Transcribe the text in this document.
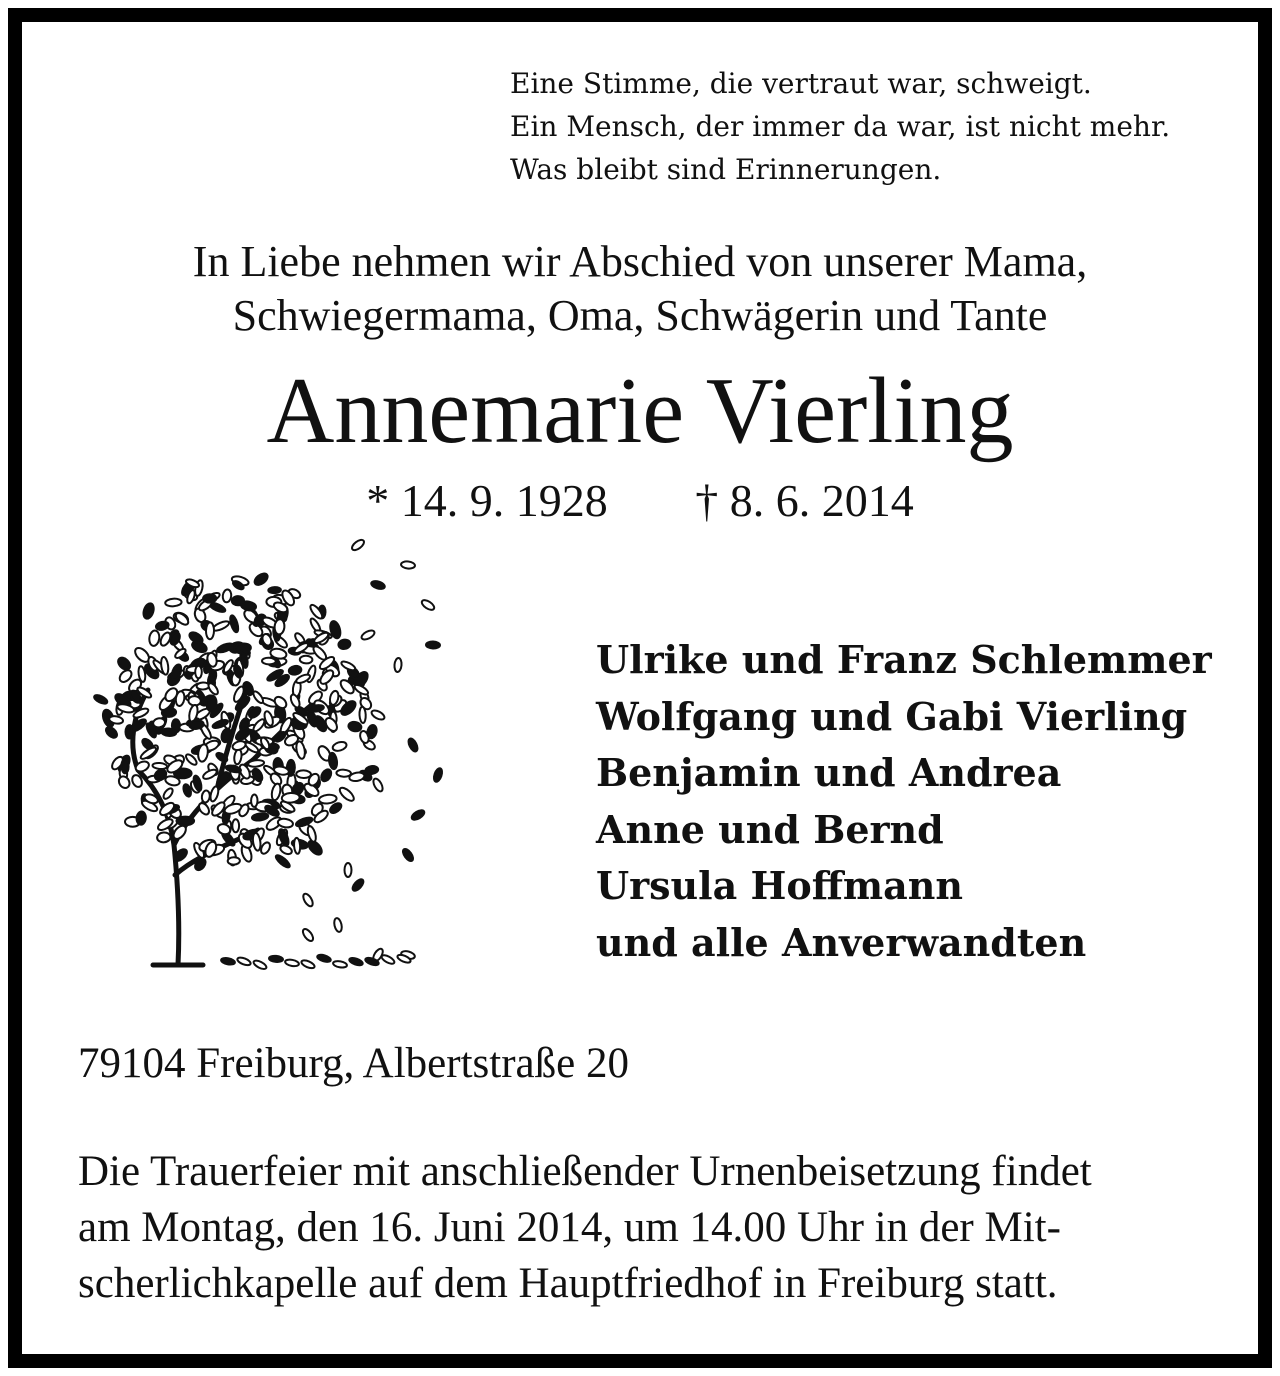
Eine Stimme, die vertraut war, schweigt.
Ein Mensch, der immer da war, ist nicht mehr.
Was bleibt sind Erinnerungen.
In Liebe nehmen wir Abschied von unserer Mama,
Schwiegermama, Oma, Schwägerin und Tante
Annemarie Vierling
* 14. 9. 1928 † 8. 6. 2014
Ulrike und Franz Schlemmer
Wolfgang und Gabi Vierling
Benjamin und Andrea
Anne und Bernd
Ursula Hoffmann
und alle Anverwandten
79104 Freiburg, Albertstraße 20
Die Trauerfeier mit anschließender Urnenbeisetzung findet
am Montag, den 16. Juni 2014, um 14.00 Uhr in der Mit-
scherlichkapelle auf dem Hauptfriedhof in Freiburg statt.
